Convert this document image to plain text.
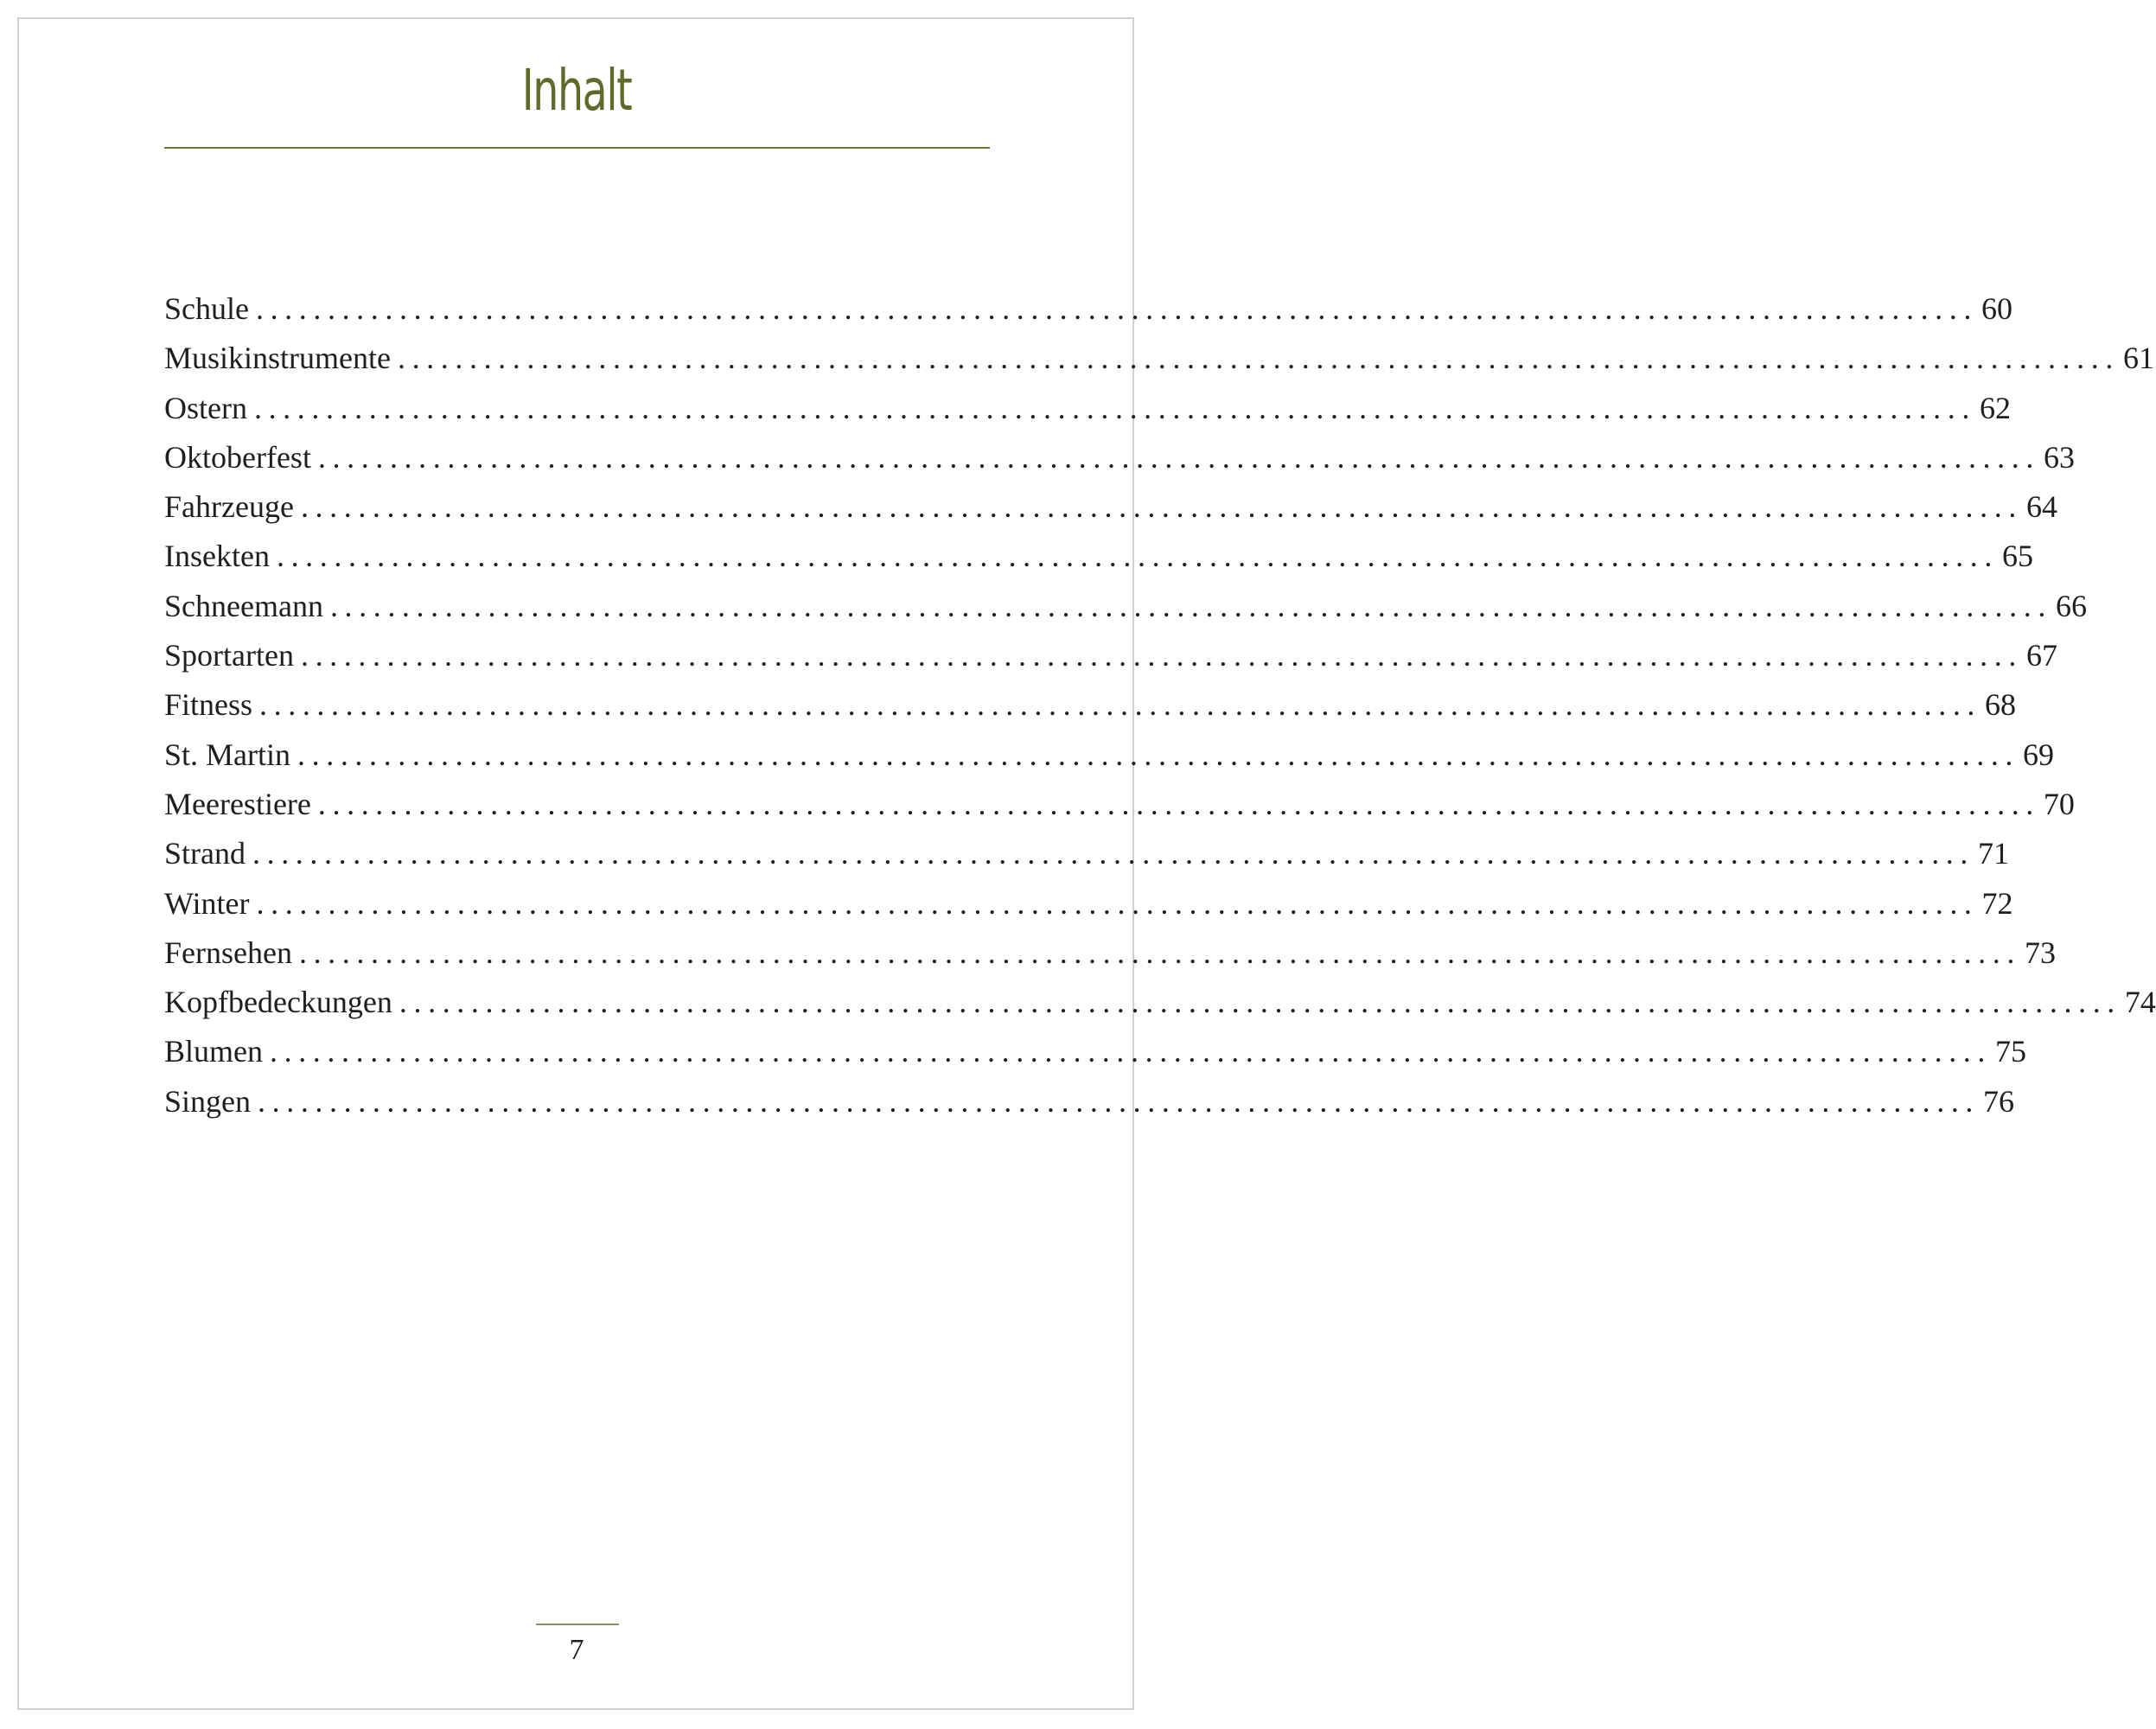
Inhalt
Schule ........................................................................................................................ 60
Musikinstrumente ........................................................................................................................ 61
Ostern ........................................................................................................................ 62
Oktoberfest ........................................................................................................................ 63
Fahrzeuge ........................................................................................................................ 64
Insekten ........................................................................................................................ 65
Schneemann ........................................................................................................................ 66
Sportarten ........................................................................................................................ 67
Fitness ........................................................................................................................ 68
St. Martin ........................................................................................................................ 69
Meerestiere ........................................................................................................................ 70
Strand ........................................................................................................................ 71
Winter ........................................................................................................................ 72
Fernsehen ........................................................................................................................ 73
Kopfbedeckungen ........................................................................................................................ 74
Blumen ........................................................................................................................ 75
Singen ........................................................................................................................ 76
7
